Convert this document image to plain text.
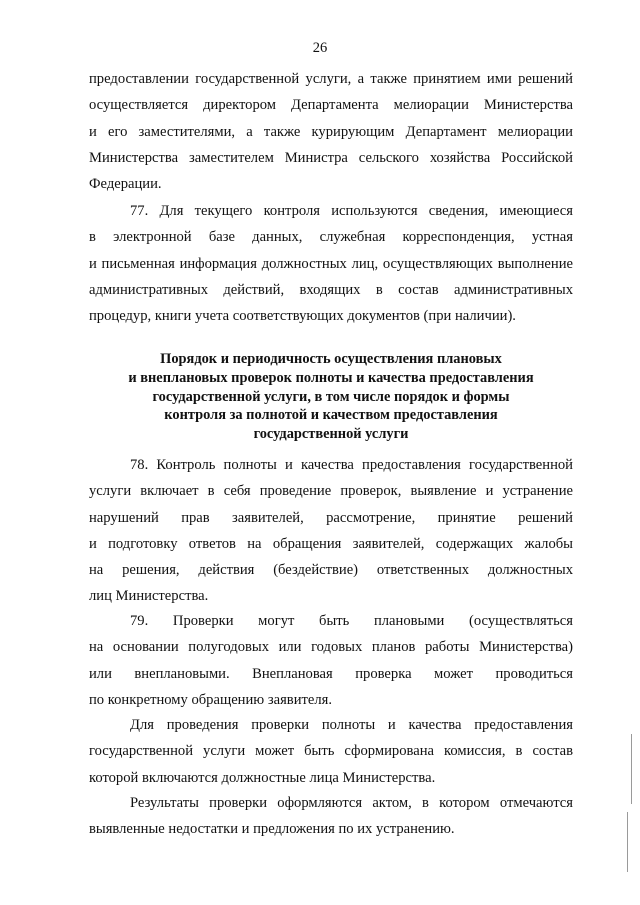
26
предоставлении государственной услуги, а также принятием ими решений
осуществляется директором Департамента мелиорации Министерства
и его заместителями, а также курирующим Департамент мелиорации
Министерства заместителем Министра сельского хозяйства Российской
Федерации.
77. Для текущего контроля используются сведения, имеющиеся
в электронной базе данных, служебная корреспонденция, устная
и письменная информация должностных лиц, осуществляющих выполнение
административных действий, входящих в состав административных
процедур, книги учета соответствующих документов (при наличии).
Порядок и периодичность осуществления плановых
и внеплановых проверок полноты и качества предоставления
государственной услуги, в том числе порядок и формы
контроля за полнотой и качеством предоставления
государственной услуги
78. Контроль полноты и качества предоставления государственной
услуги включает в себя проведение проверок, выявление и устранение
нарушений прав заявителей, рассмотрение, принятие решений
и подготовку ответов на обращения заявителей, содержащих жалобы
на решения, действия (бездействие) ответственных должностных
лиц Министерства.
79. Проверки могут быть плановыми (осуществляться
на основании полугодовых или годовых планов работы Министерства)
или внеплановыми. Внеплановая проверка может проводиться
по конкретному обращению заявителя.
Для проведения проверки полноты и качества предоставления
государственной услуги может быть сформирована комиссия, в состав
которой включаются должностные лица Министерства.
Результаты проверки оформляются актом, в котором отмечаются
выявленные недостатки и предложения по их устранению.
